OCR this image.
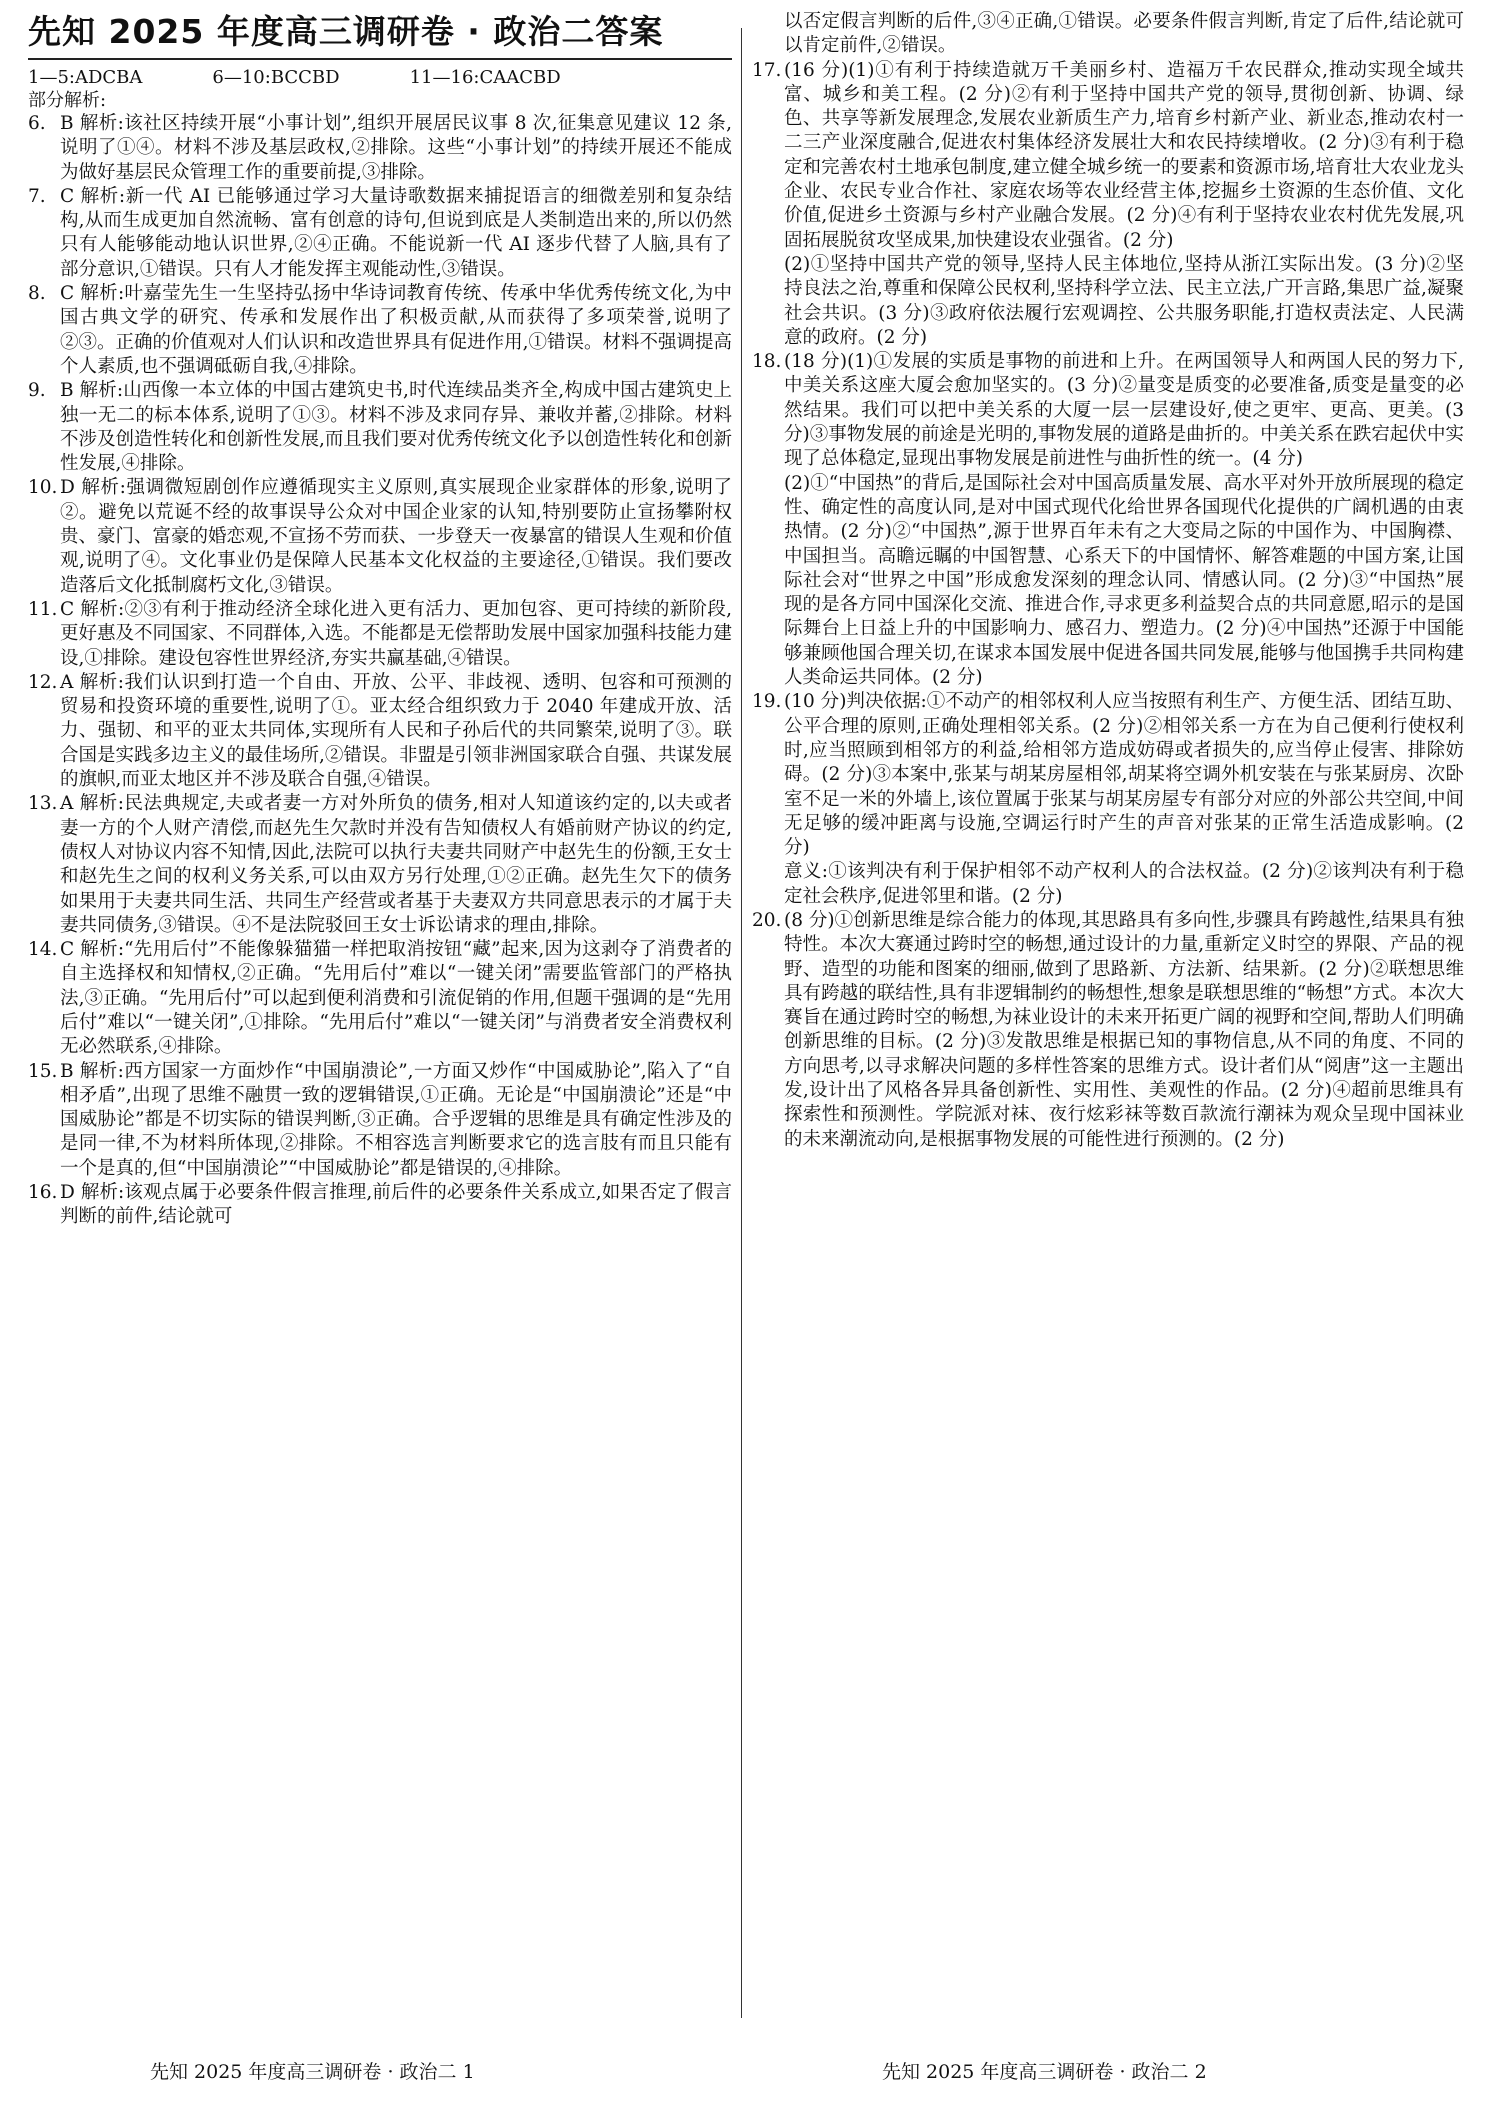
先知 2025 年度高三调研卷 · 政治二答案
1—5:ADCBA	6—10:BCCBD	11—16:CAACBD
部分解析:

6. B 解析:该社区持续开展“小事计划”,组织开展居民议事 8 次,征集意见建议 12 条,说明了①④。材料不涉及基层政权,②排除。这些“小事计划”的持续开展还不能成为做好基层民众管理工作的重要前提,③排除。

7. C 解析:新一代 AI 已能够通过学习大量诗歌数据来捕捉语言的细微差别和复杂结构,从而生成更加自然流畅、富有创意的诗句,但说到底是人类制造出来的,所以仍然只有人能够能动地认识世界,②④正确。不能说新一代 AI 逐步代替了人脑,具有了部分意识,①错误。只有人才能发挥主观能动性,③错误。

8. C 解析:叶嘉莹先生一生坚持弘扬中华诗词教育传统、传承中华优秀传统文化,为中国古典文学的研究、传承和发展作出了积极贡献,从而获得了多项荣誉,说明了②③。正确的价值观对人们认识和改造世界具有促进作用,①错误。材料不强调提高个人素质,也不强调砥砺自我,④排除。

9. B 解析:山西像一本立体的中国古建筑史书,时代连续品类齐全,构成中国古建筑史上独一无二的标本体系,说明了①③。材料不涉及求同存异、兼收并蓄,②排除。材料不涉及创造性转化和创新性发展,而且我们要对优秀传统文化予以创造性转化和创新性发展,④排除。

10. D 解析:强调微短剧创作应遵循现实主义原则,真实展现企业家群体的形象,说明了②。避免以荒诞不经的故事误导公众对中国企业家的认知,特别要防止宣扬攀附权贵、豪门、富豪的婚恋观,不宣扬不劳而获、一步登天一夜暴富的错误人生观和价值观,说明了④。文化事业仍是保障人民基本文化权益的主要途径,①错误。我们要改造落后文化抵制腐朽文化,③错误。

11. C 解析:②③有利于推动经济全球化进入更有活力、更加包容、更可持续的新阶段,更好惠及不同国家、不同群体,入选。不能都是无偿帮助发展中国家加强科技能力建设,①排除。建设包容性世界经济,夯实共赢基础,④错误。

12. A 解析:我们认识到打造一个自由、开放、公平、非歧视、透明、包容和可预测的贸易和投资环境的重要性,说明了①。亚太经合组织致力于 2040 年建成开放、活力、强韧、和平的亚太共同体,实现所有人民和子孙后代的共同繁荣,说明了③。联合国是实践多边主义的最佳场所,②错误。非盟是引领非洲国家联合自强、共谋发展的旗帜,而亚太地区并不涉及联合自强,④错误。

13. A 解析:民法典规定,夫或者妻一方对外所负的债务,相对人知道该约定的,以夫或者妻一方的个人财产清偿,而赵先生欠款时并没有告知债权人有婚前财产协议的约定,债权人对协议内容不知情,因此,法院可以执行夫妻共同财产中赵先生的份额,王女士和赵先生之间的权利义务关系,可以由双方另行处理,①②正确。赵先生欠下的债务如果用于夫妻共同生活、共同生产经营或者基于夫妻双方共同意思表示的才属于夫妻共同债务,③错误。④不是法院驳回王女士诉讼请求的理由,排除。

14. C 解析:“先用后付”不能像躲猫猫一样把取消按钮“藏”起来,因为这剥夺了消费者的自主选择权和知情权,②正确。“先用后付”难以“一键关闭”需要监管部门的严格执法,③正确。“先用后付”可以起到便利消费和引流促销的作用,但题干强调的是“先用后付”难以“一键关闭”,①排除。“先用后付”难以“一键关闭”与消费者安全消费权利无必然联系,④排除。

15. B 解析:西方国家一方面炒作“中国崩溃论”,一方面又炒作“中国威胁论”,陷入了“自相矛盾”,出现了思维不融贯一致的逻辑错误,①正确。无论是“中国崩溃论”还是“中国威胁论”都是不切实际的错误判断,③正确。合乎逻辑的思维是具有确定性涉及的是同一律,不为材料所体现,②排除。不相容选言判断要求它的选言肢有而且只能有一个是真的,但“中国崩溃论”“中国威胁论”都是错误的,④排除。

16. D 解析:该观点属于必要条件假言推理,前后件的必要条件关系成立,如果否定了假言判断的前件,结论就可

以否定假言判断的后件,③④正确,①错误。必要条件假言判断,肯定了后件,结论就可以肯定前件,②错误。

17. (16 分)(1)①有利于持续造就万千美丽乡村、造福万千农民群众,推动实现全域共富、城乡和美工程。(2 分)②有利于坚持中国共产党的领导,贯彻创新、协调、绿色、共享等新发展理念,发展农业新质生产力,培育乡村新产业、新业态,推动农村一二三产业深度融合,促进农村集体经济发展壮大和农民持续增收。(2 分)③有利于稳定和完善农村土地承包制度,建立健全城乡统一的要素和资源市场,培育壮大农业龙头企业、农民专业合作社、家庭农场等农业经营主体,挖掘乡土资源的生态价值、文化价值,促进乡土资源与乡村产业融合发展。(2 分)④有利于坚持农业农村优先发展,巩固拓展脱贫攻坚成果,加快建设农业强省。(2 分)

(2)①坚持中国共产党的领导,坚持人民主体地位,坚持从浙江实际出发。(3 分)②坚持良法之治,尊重和保障公民权利,坚持科学立法、民主立法,广开言路,集思广益,凝聚社会共识。(3 分)③政府依法履行宏观调控、公共服务职能,打造权责法定、人民满意的政府。(2 分)

18. (18 分)(1)①发展的实质是事物的前进和上升。在两国领导人和两国人民的努力下,中美关系这座大厦会愈加坚实的。(3 分)②量变是质变的必要准备,质变是量变的必然结果。我们可以把中美关系的大厦一层一层建设好,使之更牢、更高、更美。(3 分)③事物发展的前途是光明的,事物发展的道路是曲折的。中美关系在跌宕起伏中实现了总体稳定,显现出事物发展是前进性与曲折性的统一。(4 分)

(2)①“中国热”的背后,是国际社会对中国高质量发展、高水平对外开放所展现的稳定性、确定性的高度认同,是对中国式现代化给世界各国现代化提供的广阔机遇的由衷热情。(2 分)②“中国热”,源于世界百年未有之大变局之际的中国作为、中国胸襟、中国担当。高瞻远瞩的中国智慧、心系天下的中国情怀、解答难题的中国方案,让国际社会对“世界之中国”形成愈发深刻的理念认同、情感认同。(2 分)③“中国热”展现的是各方同中国深化交流、推进合作,寻求更多利益契合点的共同意愿,昭示的是国际舞台上日益上升的中国影响力、感召力、塑造力。(2 分)④中国热”还源于中国能够兼顾他国合理关切,在谋求本国发展中促进各国共同发展,能够与他国携手共同构建人类命运共同体。(2 分)

19. (10 分)判决依据:①不动产的相邻权利人应当按照有利生产、方便生活、团结互助、公平合理的原则,正确处理相邻关系。(2 分)②相邻关系一方在为自己便利行使权利时,应当照顾到相邻方的利益,给相邻方造成妨碍或者损失的,应当停止侵害、排除妨碍。(2 分)③本案中,张某与胡某房屋相邻,胡某将空调外机安装在与张某厨房、次卧室不足一米的外墙上,该位置属于张某与胡某房屋专有部分对应的外部公共空间,中间无足够的缓冲距离与设施,空调运行时产生的声音对张某的正常生活造成影响。(2 分)

意义:①该判决有利于保护相邻不动产权利人的合法权益。(2 分)②该判决有利于稳定社会秩序,促进邻里和谐。(2 分)

20. (8 分)①创新思维是综合能力的体现,其思路具有多向性,步骤具有跨越性,结果具有独特性。本次大赛通过跨时空的畅想,通过设计的力量,重新定义时空的界限、产品的视野、造型的功能和图案的细丽,做到了思路新、方法新、结果新。(2 分)②联想思维具有跨越的联结性,具有非逻辑制约的畅想性,想象是联想思维的“畅想”方式。本次大赛旨在通过跨时空的畅想,为袜业设计的未来开拓更广阔的视野和空间,帮助人们明确创新思维的目标。(2 分)③发散思维是根据已知的事物信息,从不同的角度、不同的方向思考,以寻求解决问题的多样性答案的思维方式。设计者们从“阅唐”这一主题出发,设计出了风格各异具备创新性、实用性、美观性的作品。(2 分)④超前思维具有探索性和预测性。学院派对袜、夜行炫彩袜等数百款流行潮袜为观众呈现中国袜业的未来潮流动向,是根据事物发展的可能性进行预测的。(2 分)

先知 2025 年度高三调研卷 · 政治二 1	先知 2025 年度高三调研卷 · 政治二 2
